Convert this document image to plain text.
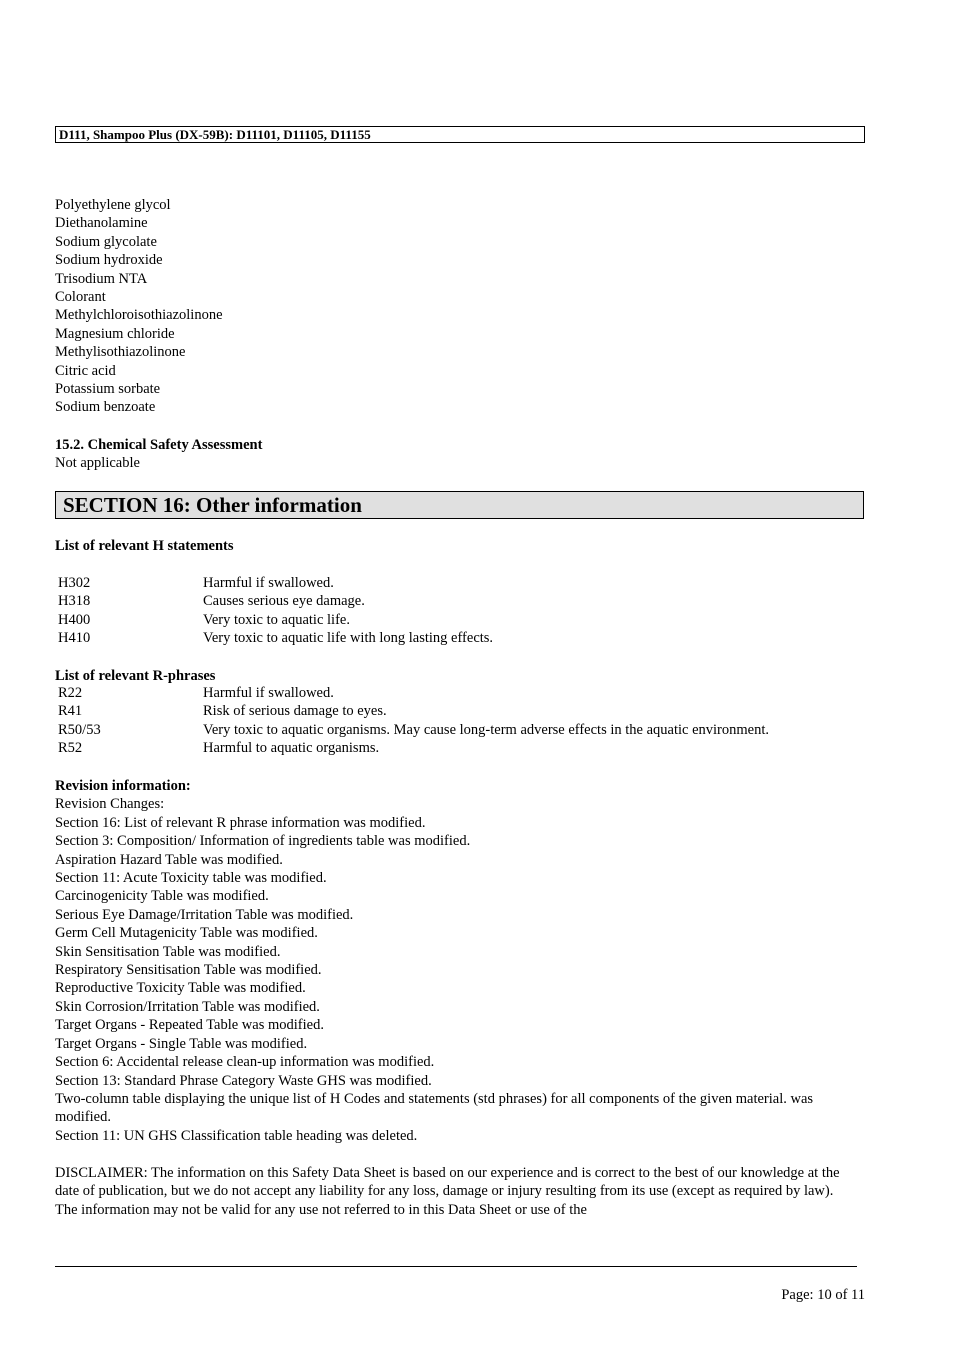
D111, Shampoo Plus (DX-59B): D11101, D11105, D11155
Polyethylene glycol
Diethanolamine
Sodium glycolate
Sodium hydroxide
Trisodium NTA
Colorant
Methylchloroisothiazolinone
Magnesium chloride
Methylisothiazolinone
Citric acid
Potassium sorbate
Sodium benzoate
15.2. Chemical Safety Assessment
Not applicable
SECTION 16: Other information
List of relevant H statements
H302	Harmful if swallowed.
H318	Causes serious eye damage.
H400	Very toxic to aquatic life.
H410	Very toxic to aquatic life with long lasting effects.
List of relevant R-phrases
R22	Harmful if swallowed.
R41	Risk of serious damage to eyes.
R50/53	Very toxic to aquatic organisms. May cause long-term adverse effects in the aquatic environment.
R52	Harmful to aquatic organisms.
Revision information:
Revision Changes:
Section 16: List of relevant R phrase information was modified.
Section 3: Composition/ Information of ingredients table was modified.
Aspiration Hazard Table was modified.
Section 11: Acute Toxicity table was modified.
Carcinogenicity Table was modified.
Serious Eye Damage/Irritation Table was modified.
Germ Cell Mutagenicity Table was modified.
Skin Sensitisation Table was modified.
Respiratory Sensitisation Table was modified.
Reproductive Toxicity Table was modified.
Skin Corrosion/Irritation Table was modified.
Target Organs - Repeated Table was modified.
Target Organs - Single Table was modified.
Section 6: Accidental release clean-up information was modified.
Section 13: Standard Phrase Category Waste GHS was modified.
Two-column table displaying the unique list of H Codes and statements (std phrases) for all components of the given material. was modified.
Section 11: UN GHS Classification table heading was deleted.
DISCLAIMER: The information on this Safety Data Sheet is based on our experience and is correct to the best of our knowledge at the date of publication, but we do not accept any liability for any loss, damage or injury resulting from its use (except as required by law). The information may not be valid for any use not referred to in this Data Sheet or use of the
Page: 10 of 11
